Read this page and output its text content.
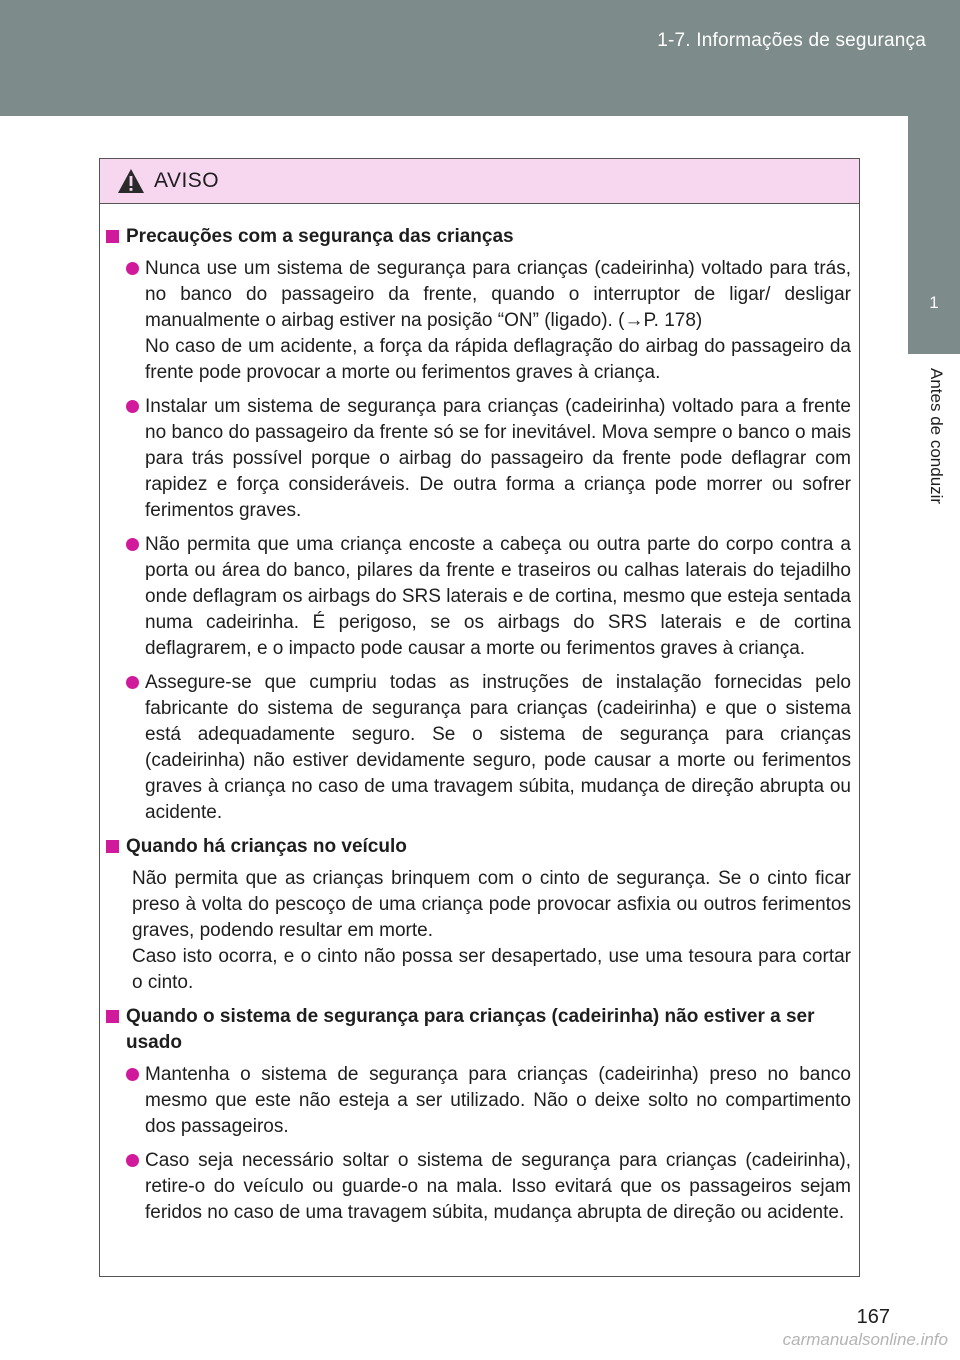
1-7. Informações de segurança
1
Antes de conduzir
AVISO
Precauções com a segurança das crianças
Nunca use um sistema de segurança para crianças (cadeirinha) voltado para trás, no banco do passageiro da frente, quando o interruptor de ligar/ desligar manualmente o airbag estiver na posição “ON” (ligado). (→P. 178)
No caso de um acidente, a força da rápida deflagração do airbag do passageiro da frente pode provocar a morte ou ferimentos graves à criança.
Instalar um sistema de segurança para crianças (cadeirinha) voltado para a frente no banco do passageiro da frente só se for inevitável. Mova sempre o banco o mais para trás possível porque o airbag do passageiro da frente pode deflagrar com rapidez e força consideráveis. De outra forma a criança pode morrer ou sofrer ferimentos graves.
Não permita que uma criança encoste a cabeça ou outra parte do corpo contra a porta ou área do banco, pilares da frente e traseiros ou calhas laterais do tejadilho onde deflagram os airbags do SRS laterais e de cortina, mesmo que esteja sentada numa cadeirinha. É perigoso, se os airbags do SRS laterais e de cortina deflagrarem, e o impacto pode causar a morte ou ferimentos graves à criança.
Assegure-se que cumpriu todas as instruções de instalação fornecidas pelo fabricante do sistema de segurança para crianças (cadeirinha) e que o sistema está adequadamente seguro. Se o sistema de segurança para crianças (cadeirinha) não estiver devidamente seguro, pode causar a morte ou ferimentos graves à criança no caso de uma travagem súbita, mudança de direção abrupta ou acidente.
Quando há crianças no veículo
Não permita que as crianças brinquem com o cinto de segurança. Se o cinto ficar preso à volta do pescoço de uma criança pode provocar asfixia ou outros ferimentos graves, podendo resultar em morte.
Caso isto ocorra, e o cinto não possa ser desapertado, use uma tesoura para cortar o cinto.
Quando o sistema de segurança para crianças (cadeirinha) não estiver a ser usado
Mantenha o sistema de segurança para crianças (cadeirinha) preso no banco mesmo que este não esteja a ser utilizado. Não o deixe solto no compartimento dos passageiros.
Caso seja necessário soltar o sistema de segurança para crianças (cadeirinha), retire-o do veículo ou guarde-o na mala. Isso evitará que os passageiros sejam feridos no caso de uma travagem súbita, mudança abrupta de direção ou acidente.
167
carmanualsonline.info
